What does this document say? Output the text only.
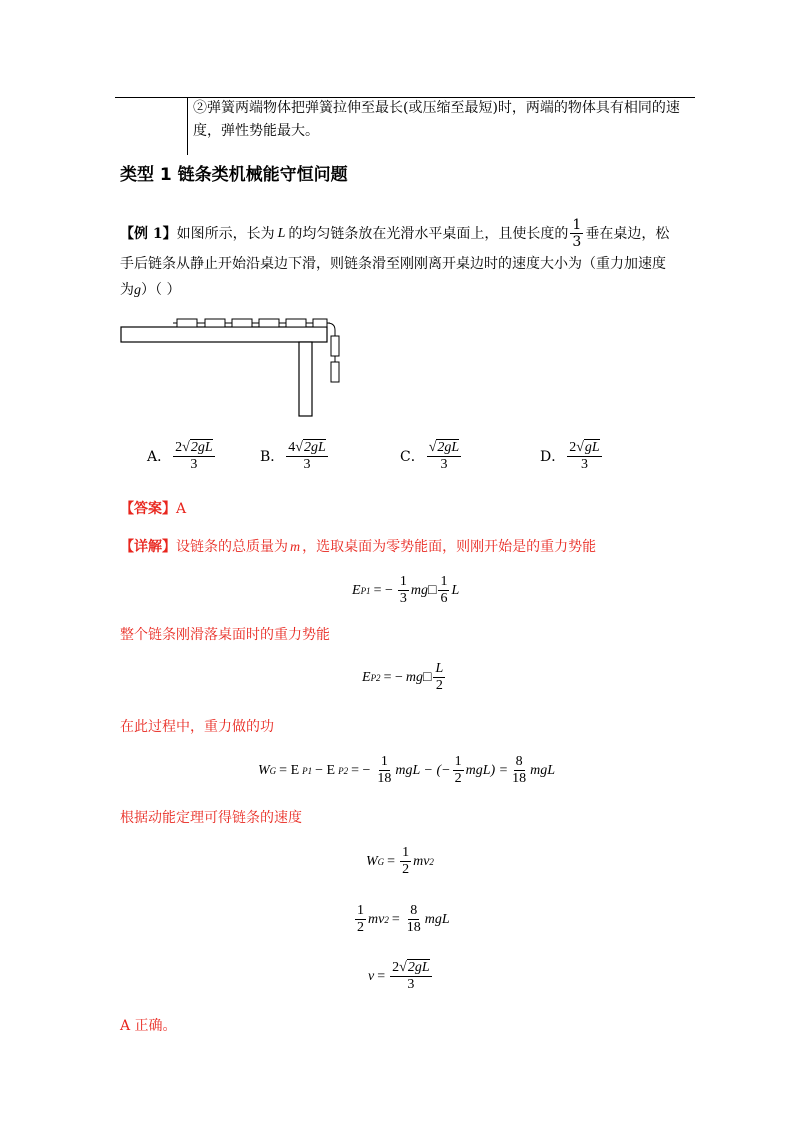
②弹簧两端物体把弹簧拉伸至最长(或压缩至最短)时，两端的物体具有相同的速
度，弹性势能最大。
类型 1 链条类机械能守恒问题
【例 1】 如图所示，长为 L 的均匀链条放在光滑水平桌面上，且使长度的 $\frac{1}{3}$ 垂在桌边，松
手后链条从静止开始沿桌边下滑，则链条滑至刚刚离开桌边时的速度大小为（重力加速度
为g）（ ）
A． $\frac{2√2gL}{3}$	B． $\frac{4√2gL}{3}$	C． $\frac{√2gL}{3}$	D． $\frac{2√gL}{3}$
【答案】A
【详解】设链条的总质量为 m ，选取桌面为零势能面，则刚开始是的重力势能
E P1 = − $\frac{1}{3}$ mg □ $\frac{1}{6}$ L
整个链条刚滑落桌面时的重力势能
E P2 = − mg □ $\frac{L}{2}$
在此过程中，重力做的功
W G = E P1 − E P2 = − $\frac{1}{18}$ mgL − (− $\frac{1}{2} mgL) = \frac{8}{18}$ mgL
根据动能定理可得链条的速度
W $G = \frac{1}{2}$ mv 2
$\frac{1}{2}$ mv $2 = \frac{8}{18}$ mgL
$v = \frac{2√2gL}{3}$
A 正确。
